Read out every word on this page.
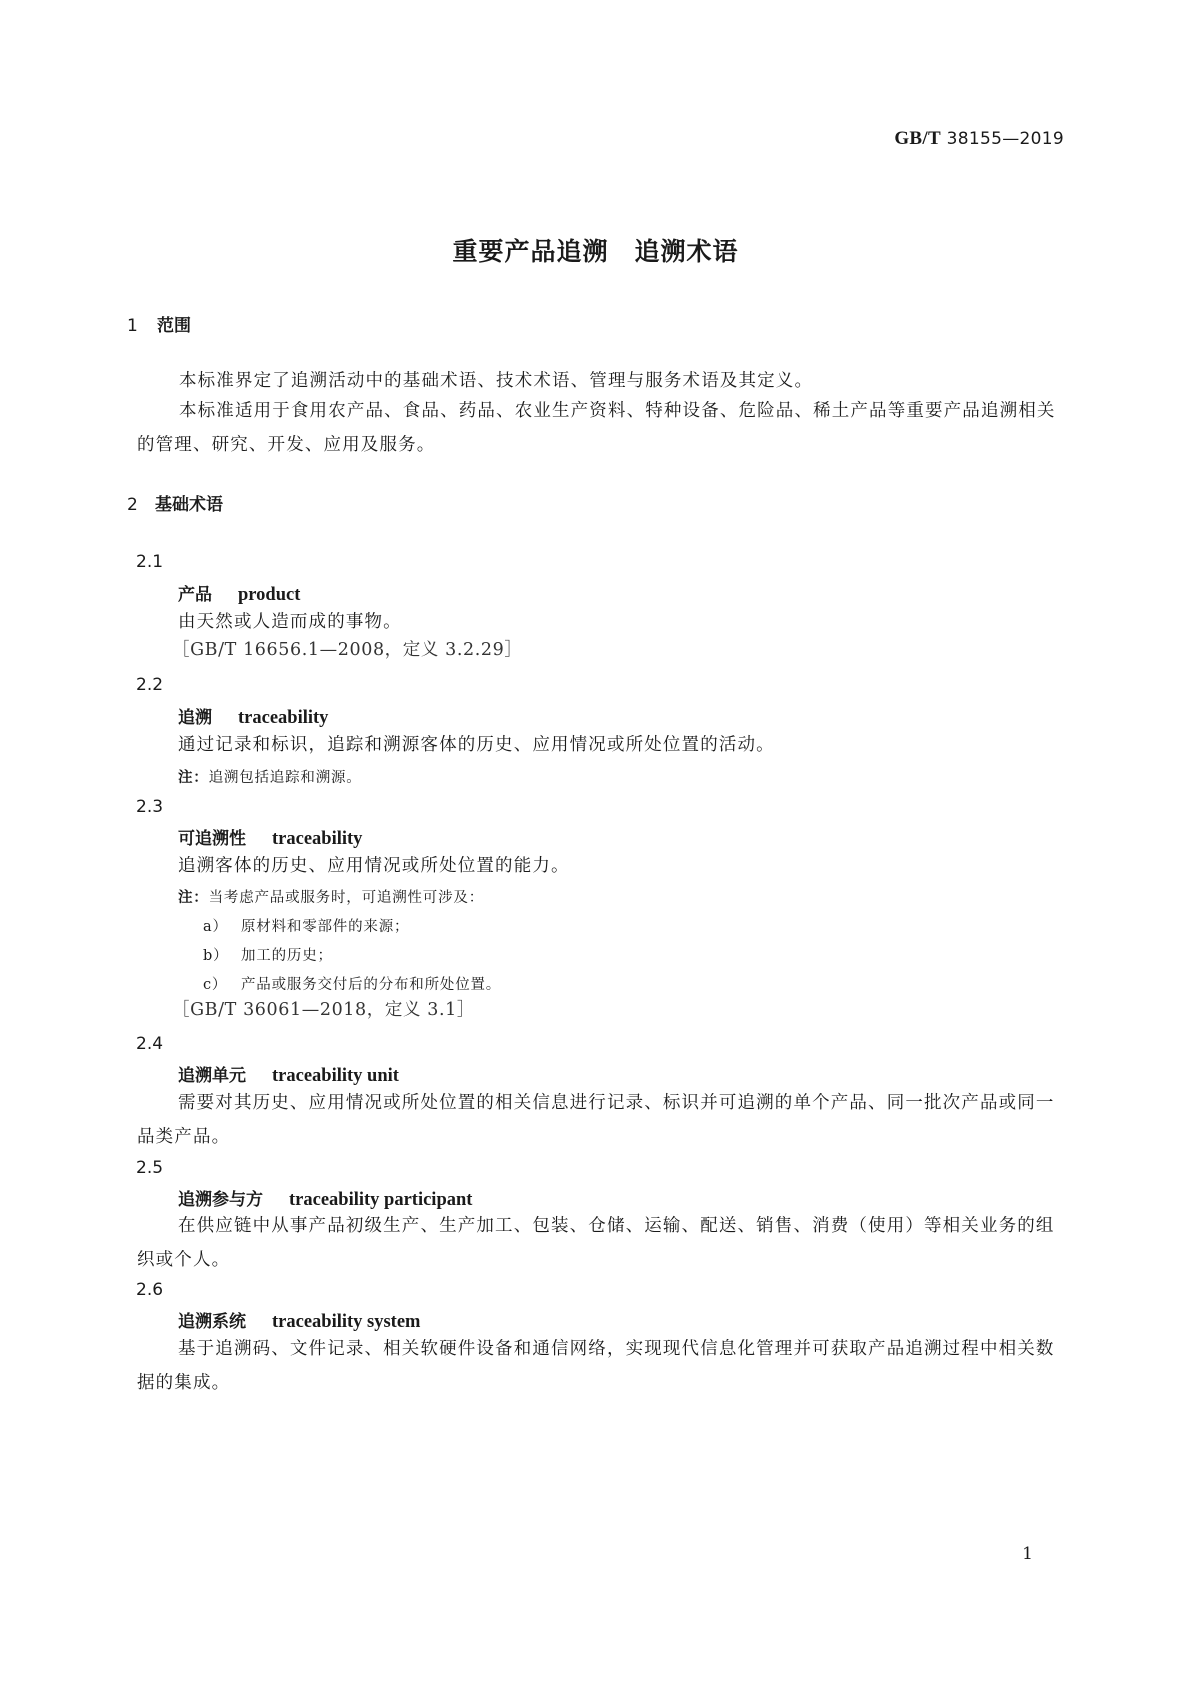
GB/T 38155—2019
重要产品追溯　追溯术语
1 范围
本标准界定了追溯活动中的基础术语、技术术语、管理与服务术语及其定义。
本标准适用于食用农产品、食品、药品、农业生产资料、特种设备、危险品、稀土产品等重要产品追溯相关的管理、研究、开发、应用及服务。
2 基础术语
2.1
产品 product
由天然或人造而成的事物。
［GB/T 16656.1—2008，定义 3.2.29］
2.2
追溯 traceability
通过记录和标识，追踪和溯源客体的历史、应用情况或所处位置的活动。
注：追溯包括追踪和溯源。
2.3
可追溯性 traceability
追溯客体的历史、应用情况或所处位置的能力。
注：当考虑产品或服务时，可追溯性可涉及：
a） 原材料和零部件的来源；
b） 加工的历史；
c） 产品或服务交付后的分布和所处位置。
［GB/T 36061—2018，定义 3.1］
2.4
追溯单元 traceability unit
需要对其历史、应用情况或所处位置的相关信息进行记录、标识并可追溯的单个产品、同一批次产品或同一品类产品。
2.5
追溯参与方 traceability participant
在供应链中从事产品初级生产、生产加工、包装、仓储、运输、配送、销售、消费（使用）等相关业务的组织或个人。
2.6
追溯系统 traceability system
基于追溯码、文件记录、相关软硬件设备和通信网络，实现现代信息化管理并可获取产品追溯过程中相关数据的集成。
1
